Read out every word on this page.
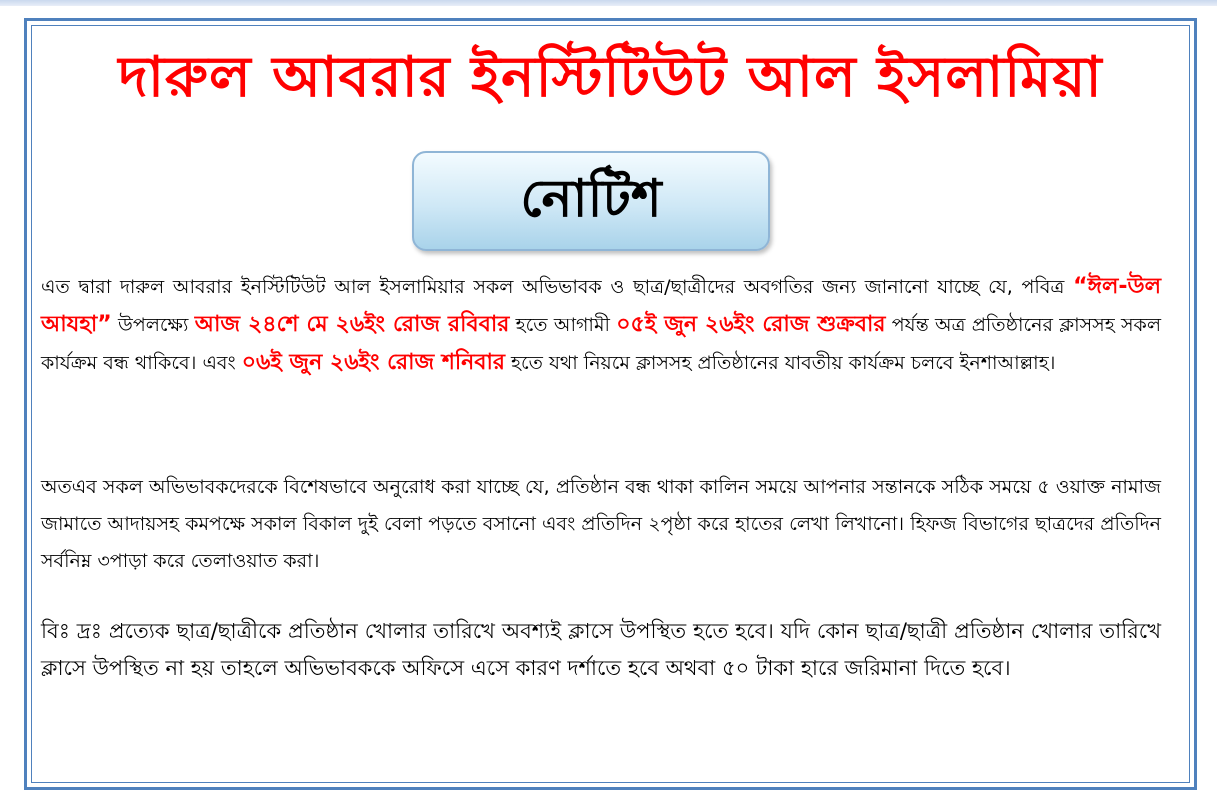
দারুল আবরার ইনস্টিটিউট আল ইসলামিয়া
নোটিশ
এত দ্বারা দারুল আবরার ইনস্টিটিউট আল ইসলামিয়ার সকল অভিভাবক ও ছাত্র/ছাত্রীদের অবগতির জন্য জানানো যাচ্ছে যে, পবিত্র “ঈল-উল আযহা” উপলক্ষ্যে আজ ২৪শে মে ২৬ইং রোজ রবিবার হতে আগামী ০৫ই জুন ২৬ইং রোজ শুক্রবার পর্যন্ত অত্র প্রতিষ্ঠানের ক্লাসসহ সকল কার্যক্রম বন্ধ থাকিবে। এবং ০৬ই জুন ২৬ইং রোজ শনিবার হতে যথা নিয়মে ক্লাসসহ প্রতিষ্ঠানের যাবতীয় কার্যক্রম চলবে ইনশাআল্লাহ।
অতএব সকল অভিভাবকদেরকে বিশেষভাবে অনুরোধ করা যাচ্ছে যে, প্রতিষ্ঠান বন্ধ থাকা কালিন সময়ে আপনার সন্তানকে সঠিক সময়ে ৫ ওয়াক্ত নামাজ জামাতে আদায়সহ কমপক্ষে সকাল বিকাল দুই বেলা পড়তে বসানো এবং প্রতিদিন ২পৃষ্ঠা করে হাতের লেখা লিখানো। হিফজ বিভাগের ছাত্রদের প্রতিদিন সর্বনিম্ন ৩পাড়া করে তেলাওয়াত করা।
বিঃ দ্রঃ প্রত্যেক ছাত্র/ছাত্রীকে প্রতিষ্ঠান খোলার তারিখে অবশ্যই ক্লাসে উপস্থিত হতে হবে। যদি কোন ছাত্র/ছাত্রী প্রতিষ্ঠান খোলার তারিখে ক্লাসে উপস্থিত না হয় তাহলে অভিভাবককে অফিসে এসে কারণ দর্শাতে হবে অথবা ৫০ টাকা হারে জরিমানা দিতে হবে।
